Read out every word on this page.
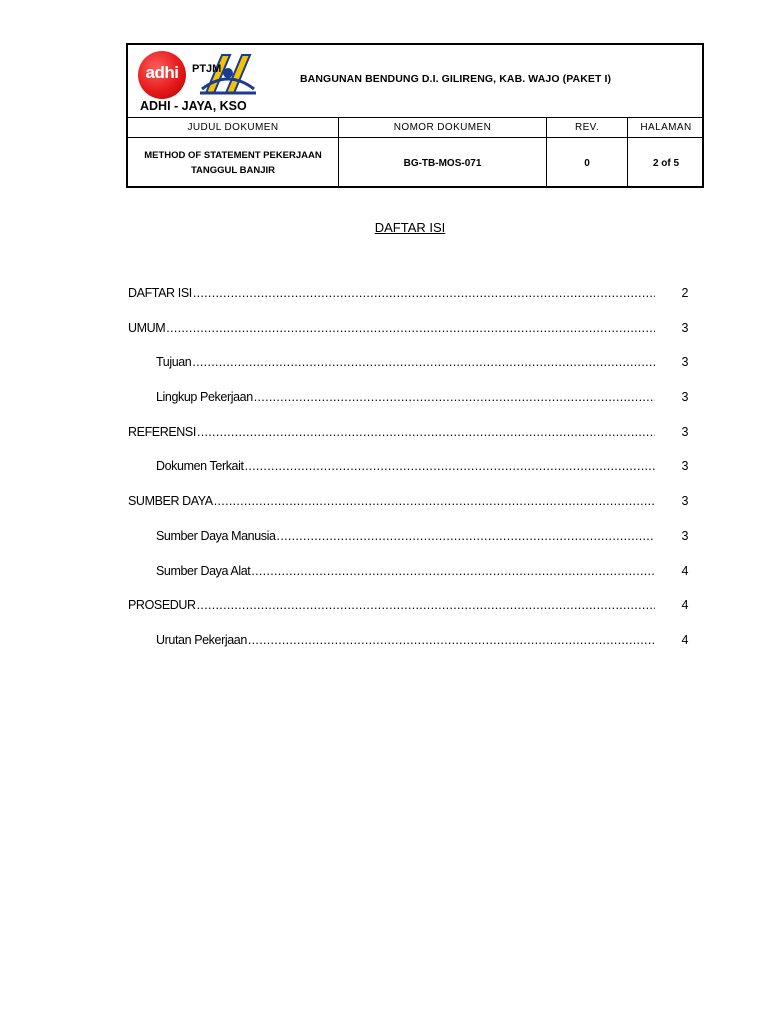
adhi	PTJM
ADHI - JAYA, KSO
BANGUNAN BENDUNG D.I. GILIRENG, KAB. WAJO (PAKET I)
JUDUL DOKUMEN	NOMOR DOKUMEN	REV.	HALAMAN
METHOD OF STATEMENT PEKERJAAN
TANGGUL BANJIR
BG-TB-MOS-071	0	2 of 5
DAFTAR ISI
DAFTAR ISI .....	2
UMUM .....	3
Tujuan .....	3
Lingkup Pekerjaan .....	3
REFERENSI .....	3
Dokumen Terkait .....	3
SUMBER DAYA .....	3
Sumber Daya Manusia .....	3
Sumber Daya Alat .....	4
PROSEDUR .....	4
Urutan Pekerjaan .....	4
